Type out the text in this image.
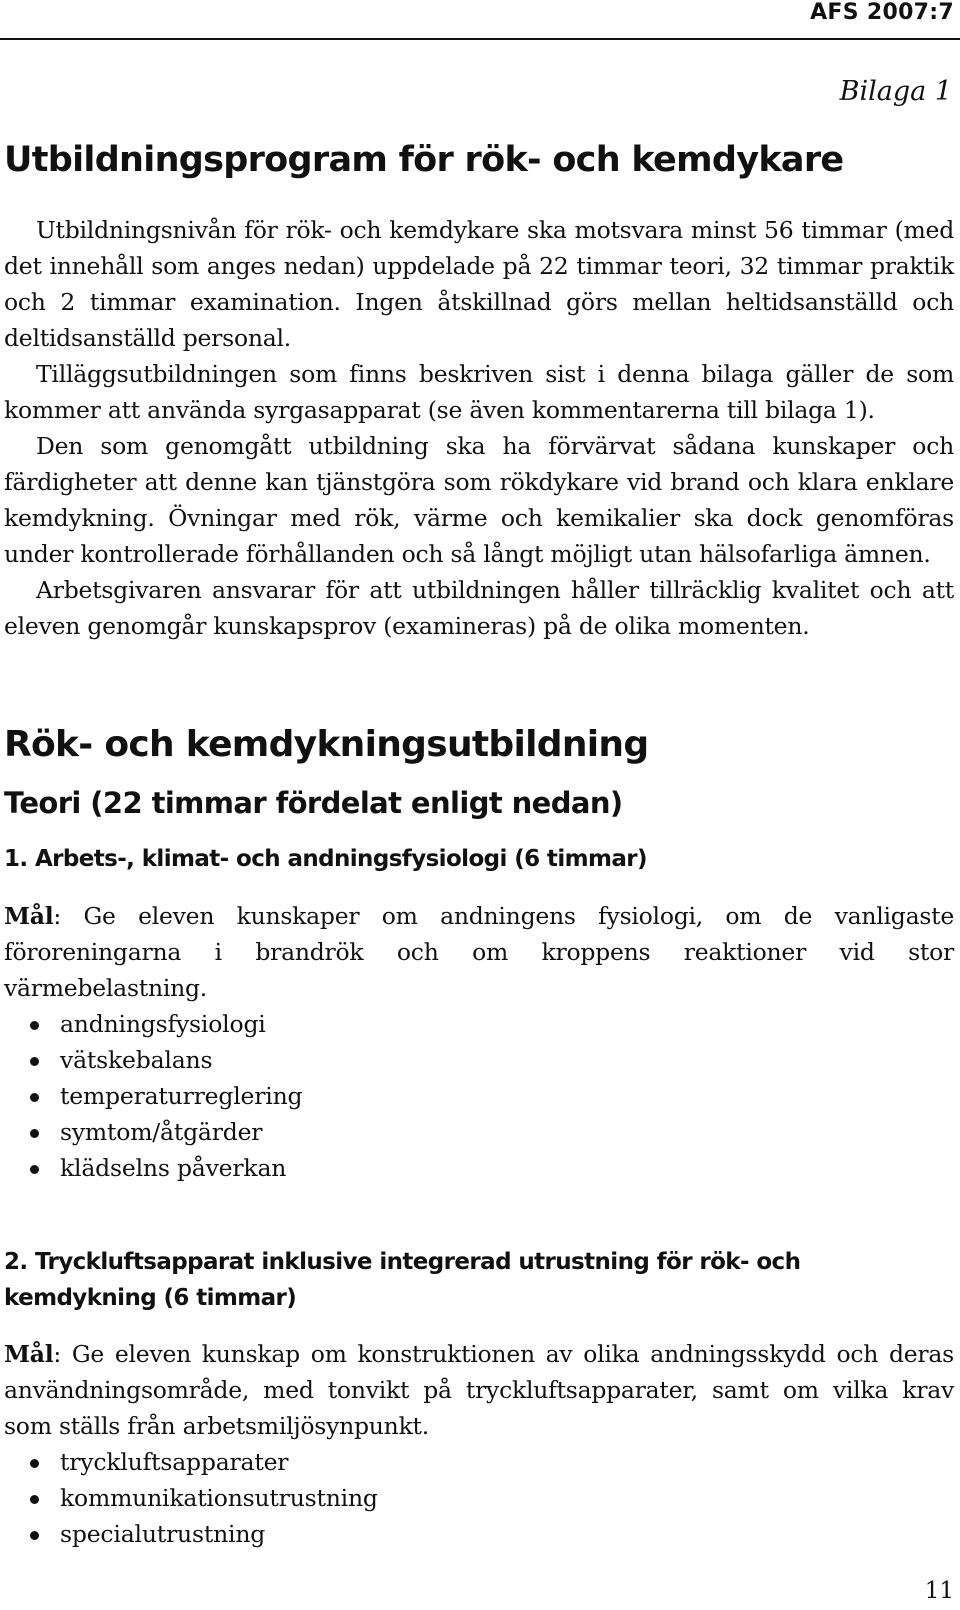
AFS 2007:7
Bilaga 1
Utbildningsprogram för rök- och kemdykare

Utbildningsnivån för rök- och kemdykare ska motsvara minst 56 timmar (med det innehåll som anges nedan) uppdelade på 22 timmar teori, 32 timmar praktik och 2 timmar examination. Ingen åtskillnad görs mellan heltidsanställd och deltidsanställd personal.

Tilläggsutbildningen som finns beskriven sist i denna bilaga gäller de som kommer att använda syrgasapparat (se även kommentarerna till bilaga 1).

Den som genomgått utbildning ska ha förvärvat sådana kunskaper och färdigheter att denne kan tjänstgöra som rökdykare vid brand och klara enklare kemdykning. Övningar med rök, värme och kemikalier ska dock genomföras under kontrollerade förhållanden och så långt möjligt utan hälsofarliga ämnen.

Arbetsgivaren ansvarar för att utbildningen håller tillräcklig kvalitet och att eleven genomgår kunskapsprov (examineras) på de olika momenten.

Rök- och kemdykningsutbildning
Teori (22 timmar fördelat enligt nedan)
1. Arbets-, klimat- och andningsfysiologi (6 timmar)

Mål: Ge eleven kunskaper om andningens fysiologi, om de vanligaste föroreningarna i brandrök och om kroppens reaktioner vid stor värmebelastning.

andningsfysiologi
vätskebalans
temperaturreglering
symtom/åtgärder
klädselns påverkan
2. Tryckluftsapparat inklusive integrerad utrustning för rök- och kemdykning (6 timmar)

Mål: Ge eleven kunskap om konstruktionen av olika andningsskydd och deras användningsområde, med tonvikt på tryckluftsapparater, samt om vilka krav som ställs från arbetsmiljösynpunkt.

tryckluftsapparater
kommunikationsutrustning
specialutrustning
11
